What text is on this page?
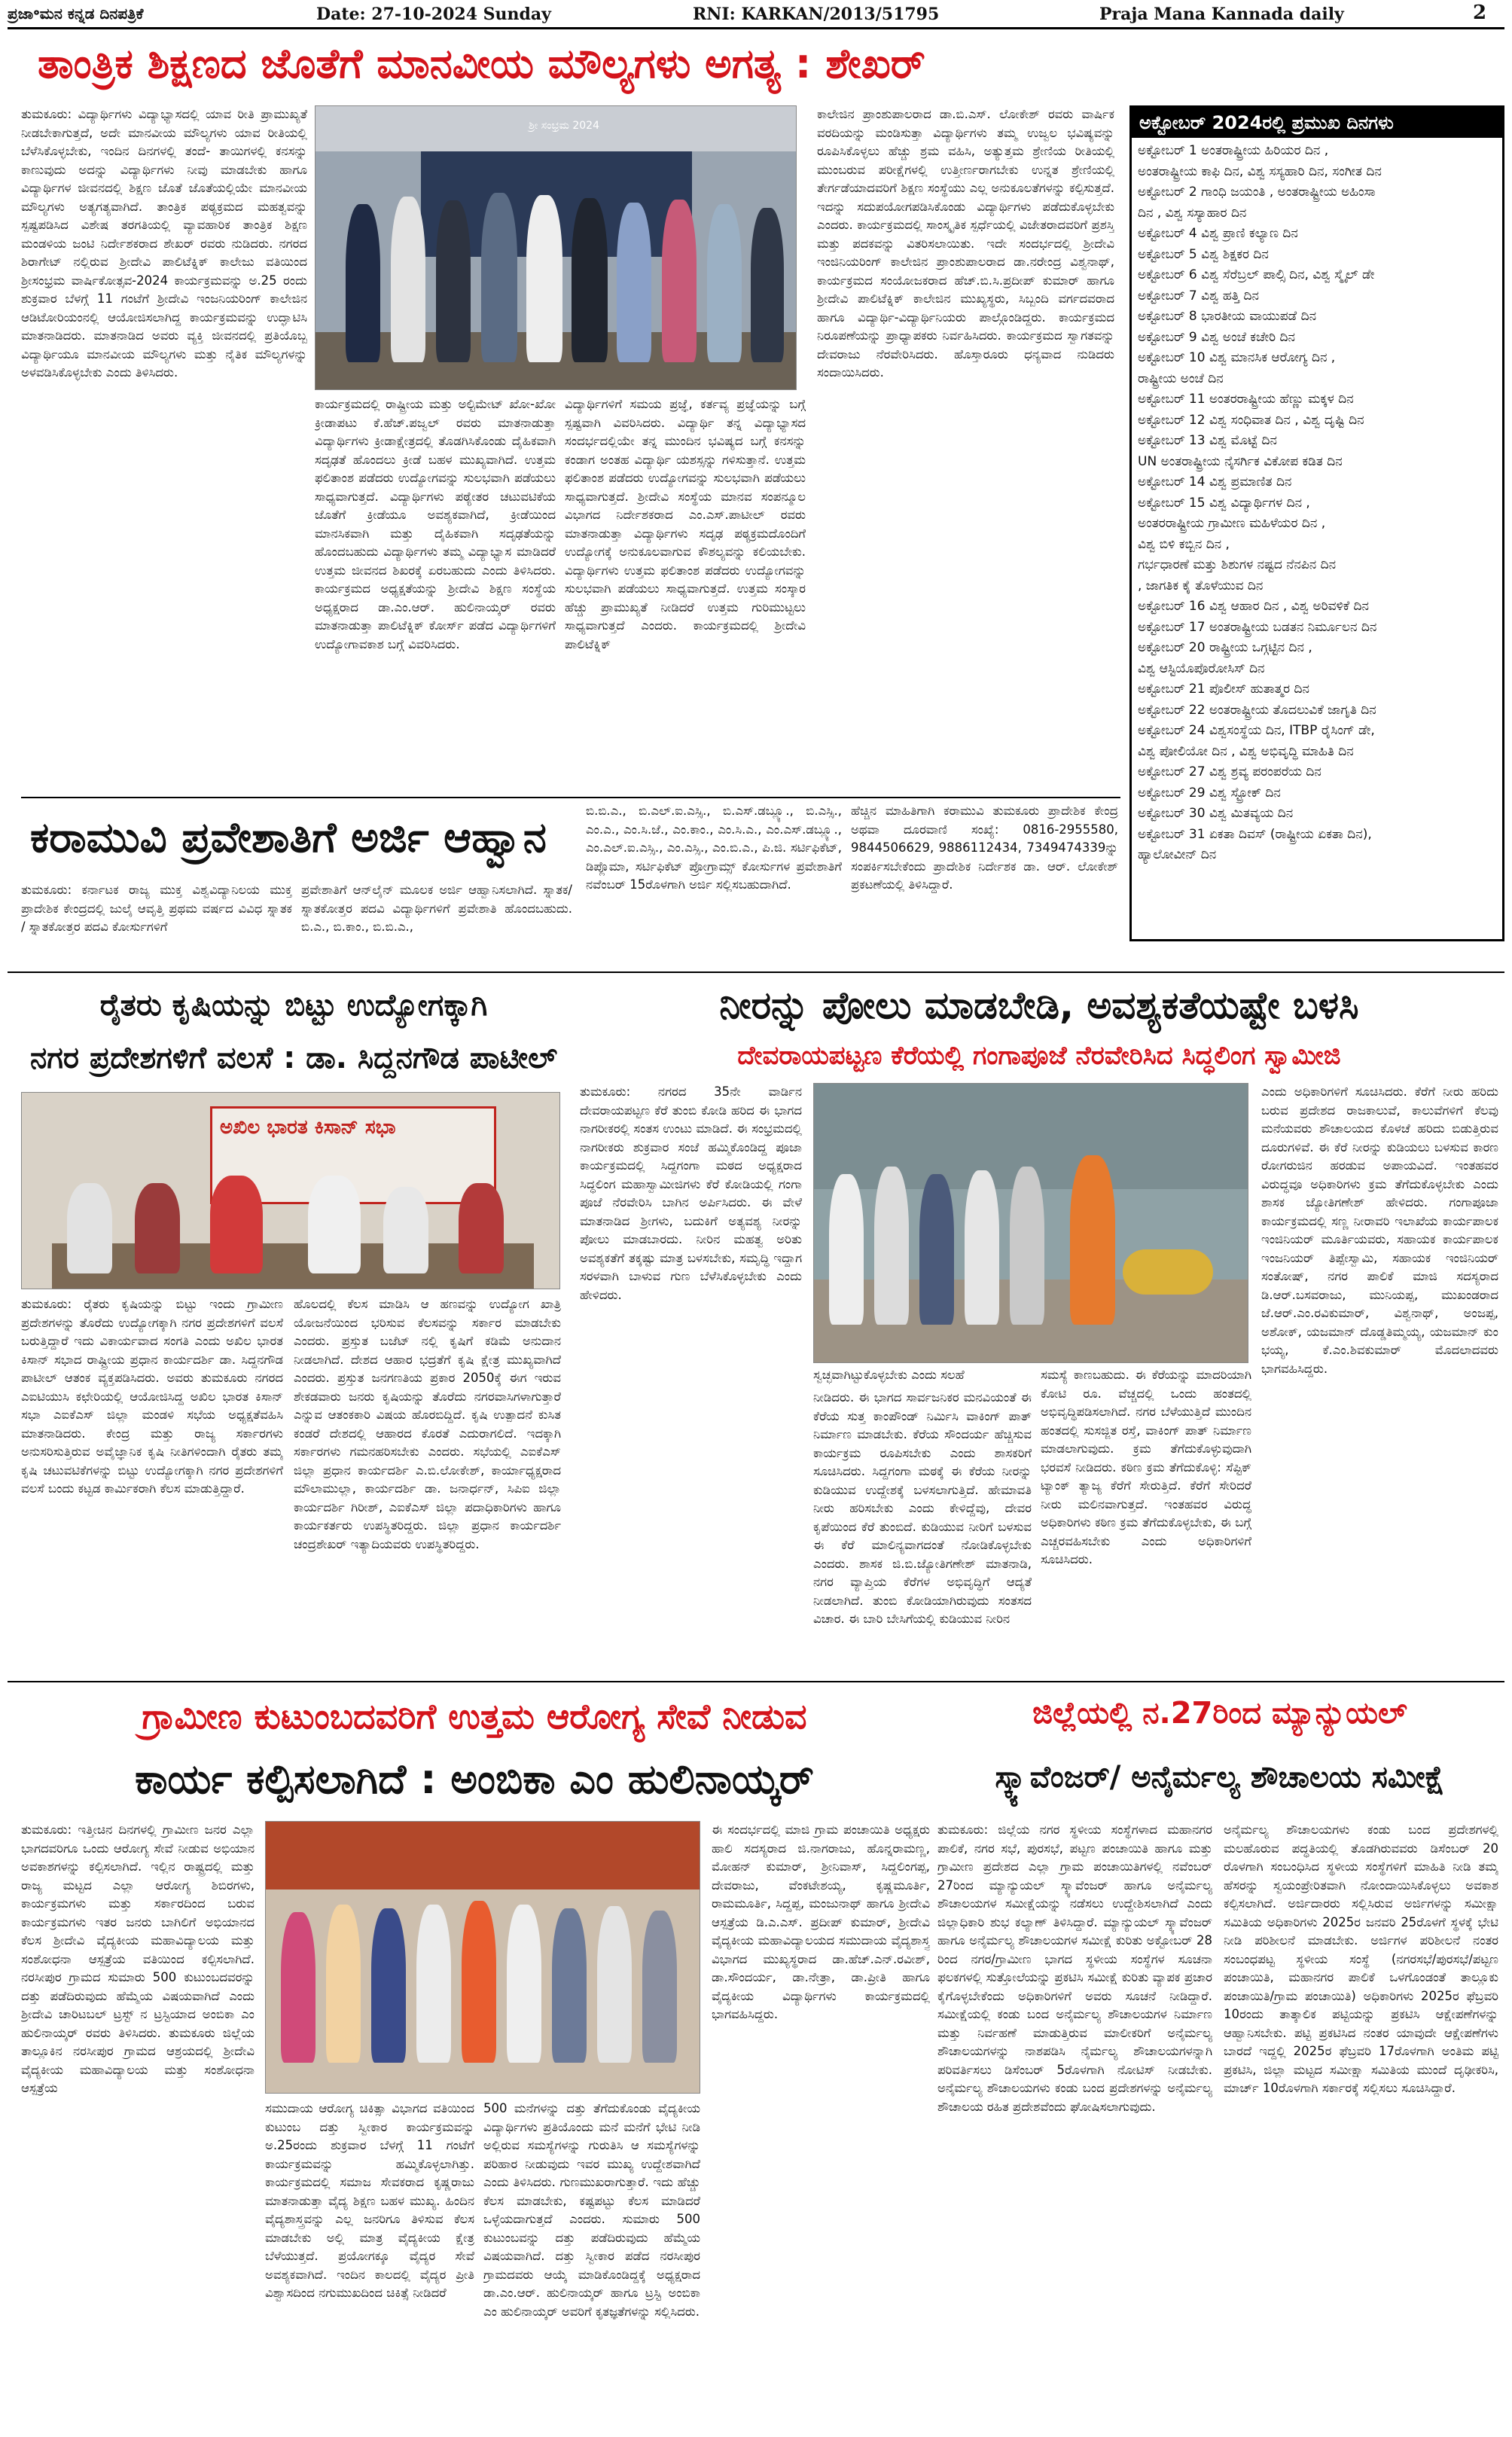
ಪ್ರಜಾ॰ಮನ ಕನ್ನಡ ದಿನಪತ್ರಿಕೆ	Date: 27-10-2024 Sunday	RNI: KARKAN/2013/51795	Praja Mana Kannada daily	2
ತಾಂತ್ರಿಕ ಶಿಕ್ಷಣದ ಜೊತೆಗೆ ಮಾನವೀಯ ಮೌಲ್ಯಗಳು ಅಗತ್ಯ : ಶೇಖರ್
ತುಮಕೂರು: ವಿದ್ಯಾರ್ಥಿಗಳು ವಿದ್ಯಾಭ್ಯಾಸದಲ್ಲಿ ಯಾವ ರೀತಿ ಪ್ರಾಮುಖ್ಯತೆ ನೀಡಬೇಕಾಗುತ್ತದೆ, ಅದೇ ಮಾನವೀಯ ಮೌಲ್ಯಗಳು ಯಾವ ರೀತಿಯಲ್ಲಿ ಬೆಳೆಸಿಕೊಳ್ಳಬೇಕು, ಇಂದಿನ ದಿನಗಳಲ್ಲಿ ತಂದೆ- ತಾಯಿಗಳಲ್ಲಿ ಕನಸನ್ನು ಕಾಣುವುದು ಅದನ್ನು ವಿದ್ಯಾರ್ಥಿಗಳು ನೀವು ಮಾಡಬೇಕು ಹಾಗೂ ವಿದ್ಯಾರ್ಥಿಗಳ ಜೀವನದಲ್ಲಿ ಶಿಕ್ಷಣ ಜೊತೆ ಜೊತೆಯಲ್ಲಿಯೇ ಮಾನವೀಯ ಮೌಲ್ಯಗಳು ಅತ್ಯಗತ್ಯವಾಗಿದೆ. ತಾಂತ್ರಿಕ ಪಠ್ಯಕ್ರಮದ ಮಹತ್ವವನ್ನು ಸ್ಪಷ್ಟಪಡಿಸಿದ ವಿಶೇಷ ತರಗತಿಯಲ್ಲಿ ವ್ಯಾವಹಾರಿಕ ತಾಂತ್ರಿಕ ಶಿಕ್ಷಣ ಮಂಡಳಿಯ ಜಂಟಿ ನಿರ್ದೇಶಕರಾದ ಶೇಖರ್ ರವರು ನುಡಿದರು. ನಗರದ ಶಿರಾಗೇಟ್ ನಲ್ಲಿರುವ ಶ್ರೀದೇವಿ ಪಾಲಿಟೆಕ್ನಿಕ್ ಕಾಲೇಜು ವತಿಯಿಂದ ಶ್ರೀಸಂಭ್ರಮ ವಾರ್ಷಿಕೋತ್ಸವ-2024 ಕಾರ್ಯಕ್ರಮವನ್ನು ಅ.25 ರಂದು ಶುಕ್ರವಾರ ಬೆಳಗ್ಗೆ 11 ಗಂಟೆಗೆ ಶ್ರೀದೇವಿ ಇಂಜನಿಯರಿಂಗ್ ಕಾಲೇಜಿನ ಆಡಿಟೋರಿಯಂನಲ್ಲಿ ಆಯೋಜಿಸಲಾಗಿದ್ದ ಕಾರ್ಯಕ್ರಮವನ್ನು ಉದ್ಘಾಟಿಸಿ ಮಾತನಾಡಿದರು. ಮಾತನಾಡಿದ ಅವರು ವ್ಯಕ್ತಿ ಜೀವನದಲ್ಲಿ ಪ್ರತಿಯೊಬ್ಬ ವಿದ್ಯಾರ್ಥಿಯೂ ಮಾನವೀಯ ಮೌಲ್ಯಗಳು ಮತ್ತು ನೈತಿಕ ಮೌಲ್ಯಗಳನ್ನು ಅಳವಡಿಸಿಕೊಳ್ಳಬೇಕು ಎಂದು ತಿಳಿಸಿದರು.
ಶ್ರೀ ಸಂಭ್ರಮ 2024
ಕಾರ್ಯಕ್ರಮದಲ್ಲಿ ರಾಷ್ಟ್ರೀಯ ಮತ್ತು ಅಲ್ಟಿಮೇಟ್ ಖೋ-ಖೋ ಕ್ರೀಡಾಪಟು ಕೆ.ಹೆಚ್.ಪಜ್ವಲ್ ರವರು ಮಾತನಾಡುತ್ತಾ ವಿದ್ಯಾರ್ಥಿಗಳು ಕ್ರೀಡಾಕ್ಷೇತ್ರದಲ್ಲಿ ತೊಡಗಿಸಿಕೊಂಡು ದೈಹಿಕವಾಗಿ ಸದೃಢತೆ ಹೊಂದಲು ಕ್ರೀಡೆ ಬಹಳ ಮುಖ್ಯವಾಗಿದೆ. ಉತ್ತಮ ಫಲಿತಾಂಶ ಪಡೆದರು ಉದ್ಯೋಗವನ್ನು ಸುಲಭವಾಗಿ ಪಡೆಯಲು ಸಾಧ್ಯವಾಗುತ್ತದೆ. ವಿದ್ಯಾರ್ಥಿಗಳು ಪಠ್ಯೇತರ ಚಟುವಟಿಕೆಯ ಜೊತೆಗೆ ಕ್ರೀಡೆಯೂ ಅವಶ್ಯಕವಾಗಿದೆ, ಕ್ರೀಡೆಯಿಂದ ಮಾನಸಿಕವಾಗಿ ಮತ್ತು ದೈಹಿಕವಾಗಿ ಸದೃಢತೆಯನ್ನು ಹೊಂದಬಹುದು ವಿದ್ಯಾರ್ಥಿಗಳು ತಮ್ಮ ವಿದ್ಯಾಭ್ಯಾಸ ಮಾಡಿದರೆ ಉತ್ತಮ ಜೀವನದ ಶಿಖರಕ್ಕೆ ಏರಬಹುದು ಎಂದು ತಿಳಿಸಿದರು. ಕಾರ್ಯಕ್ರಮದ ಅಧ್ಯಕ್ಷತೆಯನ್ನು ಶ್ರೀದೇವಿ ಶಿಕ್ಷಣ ಸಂಸ್ಥೆಯ ಅಧ್ಯಕ್ಷರಾದ ಡಾ.ಎಂ.ಆರ್. ಹುಲಿನಾಯ್ಕರ್ ರವರು ಮಾತನಾಡುತ್ತಾ ಪಾಲಿಟೆಕ್ನಿಕ್ ಕೋರ್ಸ್ ಪಡೆದ ವಿದ್ಯಾರ್ಥಿಗಳಿಗೆ ಉದ್ಯೋಗಾವಕಾಶ ಬಗ್ಗೆ ವಿವರಿಸಿದರು.
ವಿದ್ಯಾರ್ಥಿಗಳಿಗೆ ಸಮಯ ಪ್ರಜ್ಞೆ, ಕರ್ತವ್ಯ ಪ್ರಜ್ಞೆಯನ್ನು ಬಗ್ಗೆ ಸ್ಪಷ್ಟವಾಗಿ ವಿವರಿಸಿದರು. ವಿದ್ಯಾರ್ಥಿ ತನ್ನ ವಿದ್ಯಾಭ್ಯಾಸದ ಸಂದರ್ಭದಲ್ಲಿಯೇ ತನ್ನ ಮುಂದಿನ ಭವಿಷ್ಯದ ಬಗ್ಗೆ ಕನಸನ್ನು ಕಂಡಾಗ ಅಂತಹ ವಿದ್ಯಾರ್ಥಿ ಯಶಸ್ಸನ್ನು ಗಳಿಸುತ್ತಾನೆ. ಉತ್ತಮ ಫಲಿತಾಂಶ ಪಡೆದರು ಉದ್ಯೋಗವನ್ನು ಸುಲಭವಾಗಿ ಪಡೆಯಲು ಸಾಧ್ಯವಾಗುತ್ತದೆ. ಶ್ರೀದೇವಿ ಸಂಸ್ಥೆಯ ಮಾನವ ಸಂಪನ್ಮೂಲ ವಿಭಾಗದ ನಿರ್ದೇಶಕರಾದ ಎಂ.ಎಸ್.ಪಾಟೀಲ್ ರವರು ಮಾತನಾಡುತ್ತಾ ವಿದ್ಯಾರ್ಥಿಗಳು ಸದೃಢ ಪಠ್ಯಕ್ರಮದೊಂದಿಗೆ ಉದ್ಯೋಗಕ್ಕೆ ಅನುಕೂಲವಾಗುವ ಕೌಶಲ್ಯವನ್ನು ಕಲಿಯಬೇಕು. ವಿದ್ಯಾರ್ಥಿಗಳು ಉತ್ತಮ ಫಲಿತಾಂಶ ಪಡೆದರು ಉದ್ಯೋಗವನ್ನು ಸುಲಭವಾಗಿ ಪಡೆಯಲು ಸಾಧ್ಯವಾಗುತ್ತದೆ. ಉತ್ತಮ ಸಂಸ್ಕಾರ ಹೆಚ್ಚು ಪ್ರಾಮುಖ್ಯತೆ ನೀಡಿದರೆ ಉತ್ತಮ ಗುರಿಮುಟ್ಟಲು ಸಾಧ್ಯವಾಗುತ್ತದೆ ಎಂದರು. ಕಾರ್ಯಕ್ರಮದಲ್ಲಿ ಶ್ರೀದೇವಿ ಪಾಲಿಟೆಕ್ನಿಕ್
ಕಾಲೇಜಿನ ಪ್ರಾಂಶುಪಾಲರಾದ ಡಾ.ಬಿ.ಎಸ್. ಲೋಕೇಶ್ ರವರು ವಾರ್ಷಿಕ ವರದಿಯನ್ನು ಮಂಡಿಸುತ್ತಾ ವಿದ್ಯಾರ್ಥಿಗಳು ತಮ್ಮ ಉಜ್ವಲ ಭವಿಷ್ಯವನ್ನು ರೂಪಿಸಿಕೊಳ್ಳಲು ಹೆಚ್ಚು ಶ್ರಮ ವಹಿಸಿ, ಅತ್ಯುತ್ತಮ ಶ್ರೇಣಿಯ ರೀತಿಯಲ್ಲಿ ಮುಂಬರುವ ಪರೀಕ್ಷೆಗಳಲ್ಲಿ ಉತ್ತೀರ್ಣರಾಗಬೇಕು ಉನ್ನತ ಶ್ರೇಣಿಯಲ್ಲಿ ತೇರ್ಗಡೆಯಾದವರಿಗೆ ಶಿಕ್ಷಣ ಸಂಸ್ಥೆಯು ಎಲ್ಲ ಅನುಕೂಲತೆಗಳನ್ನು ಕಲ್ಪಿಸುತ್ತದೆ. ಇದನ್ನು ಸದುಪಯೋಗಪಡಿಸಿಕೊಂಡು ವಿದ್ಯಾರ್ಥಿಗಳು ಪಡೆದುಕೊಳ್ಳಬೇಕು ಎಂದರು. ಕಾರ್ಯಕ್ರಮದಲ್ಲಿ ಸಾಂಸ್ಕೃತಿಕ ಸ್ಪರ್ಧೆಯಲ್ಲಿ ವಿಜೇತರಾದವರಿಗೆ ಪ್ರಶಸ್ತಿ ಮತ್ತು ಪದಕವನ್ನು ವಿತರಿಸಲಾಯಿತು. ಇದೇ ಸಂದರ್ಭದಲ್ಲಿ ಶ್ರೀದೇವಿ ಇಂಜಿನಿಯರಿಂಗ್ ಕಾಲೇಜಿನ ಪ್ರಾಂಶುಪಾಲರಾದ ಡಾ.ನರೇಂದ್ರ ವಿಶ್ವನಾಥ್, ಕಾರ್ಯಕ್ರಮದ ಸಂಯೋಜಕರಾದ ಹೆಚ್.ಬಿ.ಸಿ.ಪ್ರದೀಪ್ ಕುಮಾರ್ ಹಾಗೂ ಶ್ರೀದೇವಿ ಪಾಲಿಟೆಕ್ನಿಕ್ ಕಾಲೇಜಿನ ಮುಖ್ಯಸ್ಥರು, ಸಿಬ್ಬಂದಿ ವರ್ಗದವರಾದ ಹಾಗೂ ವಿದ್ಯಾರ್ಥಿ-ವಿದ್ಯಾರ್ಥಿನಿಯರು ಪಾಲ್ಗೊಂಡಿದ್ದರು. ಕಾರ್ಯಕ್ರಮದ ನಿರೂಪಣೆಯನ್ನು ಪ್ರಾಧ್ಯಾಪಕರು ನಿರ್ವಹಿಸಿದರು. ಕಾರ್ಯಕ್ರಮದ ಸ್ವಾಗತವನ್ನು ದೇವರಾಜು ನೆರವೇರಿಸಿದರು. ಹೊಸ್ತಾರೂರು ಧನ್ಯವಾದ ನುಡಿದರು ಸಂದಾಯಿಸಿದರು.
ಅಕ್ಟೋಬರ್ 2024ರಲ್ಲಿ ಪ್ರಮುಖ ದಿನಗಳು
ಅಕ್ಟೋಬರ್ 1 ಅಂತರಾಷ್ಟ್ರೀಯ ಹಿರಿಯರ ದಿನ ,
ಅಂತರಾಷ್ಟ್ರೀಯ ಕಾಫಿ ದಿನ, ವಿಶ್ವ ಸಸ್ಯಹಾರಿ ದಿನ, ಸಂಗೀತ ದಿನ
ಅಕ್ಟೋಬರ್ 2 ಗಾಂಧಿ ಜಯಂತಿ , ಅಂತರಾಷ್ಟ್ರೀಯ ಅಹಿಂಸಾ
ದಿನ , ವಿಶ್ವ ಸಸ್ಯಾಹಾರ ದಿನ
ಅಕ್ಟೋಬರ್ 4 ವಿಶ್ವ ಪ್ರಾಣಿ ಕಲ್ಯಾಣ ದಿನ
ಅಕ್ಟೋಬರ್ 5 ವಿಶ್ವ ಶಿಕ್ಷಕರ ದಿನ
ಅಕ್ಟೋಬರ್ 6 ವಿಶ್ವ ಸೆರೆಬ್ರಲ್ ಪಾಲ್ಸಿ ದಿನ, ವಿಶ್ವ ಸ್ಮೈಲ್ ಡೇ
ಅಕ್ಟೋಬರ್ 7 ವಿಶ್ವ ಹತ್ತಿ ದಿನ
ಅಕ್ಟೋಬರ್ 8 ಭಾರತೀಯ ವಾಯುಪಡೆ ದಿನ
ಅಕ್ಟೋಬರ್ 9 ವಿಶ್ವ ಅಂಚೆ ಕಚೇರಿ ದಿನ
ಅಕ್ಟೋಬರ್ 10 ವಿಶ್ವ ಮಾನಸಿಕ ಆರೋಗ್ಯ ದಿನ ,
ರಾಷ್ಟ್ರೀಯ ಅಂಚೆ ದಿನ
ಅಕ್ಟೋಬರ್ 11 ಅಂತರರಾಷ್ಟ್ರೀಯ ಹೆಣ್ಣು ಮಕ್ಕಳ ದಿನ
ಅಕ್ಟೋಬರ್ 12 ವಿಶ್ವ ಸಂಧಿವಾತ ದಿನ , ವಿಶ್ವ ದೃಷ್ಟಿ ದಿನ
ಅಕ್ಟೋಬರ್ 13 ವಿಶ್ವ ಮೊಟ್ಟೆ ದಿನ
UN ಅಂತರಾಷ್ಟ್ರೀಯ ನೈಸರ್ಗಿಕ ವಿಕೋಪ ಕಡಿತ ದಿನ
ಅಕ್ಟೋಬರ್ 14 ವಿಶ್ವ ಪ್ರಮಾಣಿತ ದಿನ
ಅಕ್ಟೋಬರ್ 15 ವಿಶ್ವ ವಿದ್ಯಾರ್ಥಿಗಳ ದಿನ ,
ಅಂತರರಾಷ್ಟ್ರೀಯ ಗ್ರಾಮೀಣ ಮಹಿಳೆಯರ ದಿನ ,
ವಿಶ್ವ ಬಿಳಿ ಕಬ್ಬಿನ ದಿನ ,
ಗರ್ಭಧಾರಣೆ ಮತ್ತು ಶಿಶುಗಳ ನಷ್ಟದ ನೆನಪಿನ ದಿನ
, ಜಾಗತಿಕ ಕೈ ತೊಳೆಯುವ ದಿನ
ಅಕ್ಟೋಬರ್ 16 ವಿಶ್ವ ಆಹಾರ ದಿನ , ವಿಶ್ವ ಅರಿವಳಿಕೆ ದಿನ
ಅಕ್ಟೋಬರ್ 17 ಅಂತರಾಷ್ಟ್ರೀಯ ಬಡತನ ನಿರ್ಮೂಲನ ದಿನ
ಅಕ್ಟೋಬರ್ 20 ರಾಷ್ಟ್ರೀಯ ಒಗ್ಗಟ್ಟಿನ ದಿನ ,
ವಿಶ್ವ ಆಸ್ಟಿಯೊಪೊರೋಸಿಸ್ ದಿನ
ಅಕ್ಟೋಬರ್ 21 ಪೊಲೀಸ್ ಹುತಾತ್ಮರ ದಿನ
ಅಕ್ಟೋಬರ್ 22 ಅಂತರಾಷ್ಟ್ರೀಯ ತೊದಲುವಿಕೆ ಜಾಗೃತಿ ದಿನ
ಅಕ್ಟೋಬರ್ 24 ವಿಶ್ವಸಂಸ್ಥೆಯ ದಿನ, ITBP ರೈಸಿಂಗ್ ಡೇ,
ವಿಶ್ವ ಪೋಲಿಯೋ ದಿನ , ವಿಶ್ವ ಅಭಿವೃದ್ಧಿ ಮಾಹಿತಿ ದಿನ
ಅಕ್ಟೋಬರ್ 27 ವಿಶ್ವ ಶ್ರವ್ಯ ಪರಂಪರೆಯ ದಿನ
ಅಕ್ಟೋಬರ್ 29 ವಿಶ್ವ ಸ್ಟ್ರೋಕ್ ದಿನ
ಅಕ್ಟೋಬರ್ 30 ವಿಶ್ವ ಮಿತವ್ಯಯ ದಿನ
ಅಕ್ಟೋಬರ್ 31 ಏಕತಾ ದಿವಸ್ (ರಾಷ್ಟ್ರೀಯ ಏಕತಾ ದಿನ),
ಹ್ಯಾಲೋವೀನ್ ದಿನ
ಕರಾಮುವಿ ಪ್ರವೇಶಾತಿಗೆ ಅರ್ಜಿ ಆಹ್ವಾನ
ತುಮಕೂರು: ಕರ್ನಾಟಕ ರಾಜ್ಯ ಮುಕ್ತ ವಿಶ್ವವಿದ್ಯಾನಿಲಯ ಮುಕ್ತ ಪ್ರಾದೇಶಿಕ ಕೇಂದ್ರದಲ್ಲಿ ಜುಲೈ ಆವೃತ್ತಿ ಪ್ರಥಮ ವರ್ಷದ ವಿವಿಧ ಸ್ನಾತಕ / ಸ್ನಾತಕೋತ್ತರ ಪದವಿ ಕೋರ್ಸುಗಳಿಗೆ
ಪ್ರವೇಶಾತಿಗೆ ಆನ್‌ಲೈನ್ ಮೂಲಕ ಅರ್ಜಿ ಆಹ್ವಾನಿಸಲಾಗಿದೆ. ಸ್ನಾತಕ/ಸ್ನಾತಕೋತ್ತರ ಪದವಿ ವಿದ್ಯಾರ್ಥಿಗಳಿಗೆ ಪ್ರವೇಶಾತಿ ಹೊಂದಬಹುದು. ಬಿ.ಎ., ಬಿ.ಕಾಂ., ಬಿ.ಬಿ.ಎ.,
ಬಿ.ಬಿ.ಎ., ಬಿ.ಎಲ್.ಐ.ಎಸ್ಸಿ., ಬಿ.ಎಸ್.ಡಬ್ಲ್ಯೂ., ಬಿ.ಎಸ್ಸಿ., ಎಂ.ಎ., ಎಂ.ಸಿ.ಜೆ., ಎಂ.ಕಾಂ., ಎಂ.ಸಿ.ಎ., ಎಂ.ಎಸ್.ಡಬ್ಲ್ಯೂ., ಎಂ.ಎಲ್.ಐ.ಎಸ್ಸಿ., ಎಂ.ಎಸ್ಸಿ., ಎಂ.ಬಿ.ಎ., ಪಿ.ಜಿ. ಸರ್ಟಿಫಿಕೆಟ್, ಡಿಪ್ಲೊಮಾ, ಸರ್ಟಿಫಿಕೆಟ್ ಪ್ರೋಗ್ರಾಮ್ಸ್ ಕೋರ್ಸುಗಳ ಪ್ರವೇಶಾತಿಗೆ ನವೆಂಬರ್ 15ರೊಳಗಾಗಿ ಅರ್ಜಿ ಸಲ್ಲಿಸಬಹುದಾಗಿದೆ.
ಹೆಚ್ಚಿನ ಮಾಹಿತಿಗಾಗಿ ಕರಾಮುವಿ ತುಮಕೂರು ಪ್ರಾದೇಶಿಕ ಕೇಂದ್ರ ಅಥವಾ ದೂರವಾಣಿ ಸಂಖ್ಯೆ: 0816-2955580, 9844506629, 9886112434, 7349474339ನ್ನು ಸಂಪರ್ಕಿಸಬೇಕೆಂದು ಪ್ರಾದೇಶಿಕ ನಿರ್ದೇಶಕ ಡಾ. ಆರ್. ಲೋಕೇಶ್ ಪ್ರಕಟಣೆಯಲ್ಲಿ ತಿಳಿಸಿದ್ದಾರೆ.
ರೈತರು ಕೃಷಿಯನ್ನು ಬಿಟ್ಟು ಉದ್ಯೋಗಕ್ಕಾಗಿ
ನಗರ ಪ್ರದೇಶಗಳಿಗೆ ವಲಸೆ : ಡಾ. ಸಿದ್ದನಗೌಡ ಪಾಟೀಲ್
ಅಖಿಲ ಭಾರತ ಕಿಸಾನ್ ಸಭಾ
ತುಮಕೂರು: ರೈತರು ಕೃಷಿಯನ್ನು ಬಿಟ್ಟು ಇಂದು ಗ್ರಾಮೀಣ ಪ್ರದೇಶಗಳನ್ನು ತೊರೆದು ಉದ್ಯೋಗಕ್ಕಾಗಿ ನಗರ ಪ್ರದೇಶಗಳಿಗೆ ವಲಸೆ ಬರುತ್ತಿದ್ದಾರೆ ಇದು ವಿಕಾರ್ಯವಾದ ಸಂಗತಿ ಎಂದು ಅಖಿಲ ಭಾರತ ಕಿಸಾನ್ ಸಭಾದ ರಾಷ್ಟ್ರೀಯ ಪ್ರಧಾನ ಕಾರ್ಯದರ್ಶಿ ಡಾ. ಸಿದ್ದನಗೌಡ ಪಾಟೀಲ್ ಆತಂಕ ವ್ಯಕ್ತಪಡಿಸಿದರು. ಅವರು ತುಮಕೂರು ನಗರದ ಎಐಟಿಯುಸಿ ಕಛೇರಿಯಲ್ಲಿ ಆಯೋಜಿಸಿದ್ದ ಅಖಿಲ ಭಾರತ ಕಿಸಾನ್ ಸಭಾ ಎಐಕೆಎಸ್ ಜಿಲ್ಲಾ ಮಂಡಳಿ ಸಭೆಯ ಅಧ್ಯಕ್ಷತೆವಹಿಸಿ ಮಾತನಾಡಿದರು. ಕೇಂದ್ರ ಮತ್ತು ರಾಜ್ಯ ಸರ್ಕಾರಗಳು ಅನುಸರಿಸುತ್ತಿರುವ ಅವೈಜ್ಞಾನಿಕ ಕೃಷಿ ನೀತಿಗಳಿಂದಾಗಿ ರೈತರು ತಮ್ಮ ಕೃಷಿ ಚಟುವಟಿಕೆಗಳನ್ನು ಬಿಟ್ಟು ಉದ್ಯೋಗಕ್ಕಾಗಿ ನಗರ ಪ್ರದೇಶಗಳಿಗೆ ವಲಸೆ ಬಂದು ಕಟ್ಟಡ ಕಾರ್ಮಿಕರಾಗಿ ಕೆಲಸ ಮಾಡುತ್ತಿದ್ದಾರೆ.
ಹೊಲದಲ್ಲಿ ಕೆಲಸ ಮಾಡಿಸಿ ಆ ಹಣವನ್ನು ಉದ್ಯೋಗ ಖಾತ್ರಿ ಯೋಜನೆಯಿಂದ ಭರಿಸುವ ಕೆಲಸವನ್ನು ಸರ್ಕಾರ ಮಾಡಬೇಕು ಎಂದರು. ಪ್ರಸ್ತುತ ಬಜೆಟ್ ನಲ್ಲಿ ಕೃಷಿಗೆ ಕಡಿಮೆ ಅನುದಾನ ನೀಡಲಾಗಿದೆ. ದೇಶದ ಆಹಾರ ಭದ್ರತೆಗೆ ಕೃಷಿ ಕ್ಷೇತ್ರ ಮುಖ್ಯವಾಗಿದೆ ಎಂದರು. ಪ್ರಸ್ತುತ ಜನಗಣತಿಯ ಪ್ರಕಾರ 2050ಕ್ಕೆ ಈಗ ಇರುವ ಶೇಕಡವಾರು ಜನರು ಕೃಷಿಯನ್ನು ತೊರೆದು ನಗರವಾಸಿಗಳಾಗುತ್ತಾರೆ ಎನ್ನುವ ಆತಂಕಕಾರಿ ವಿಷಯ ಹೊರಬಿದ್ದಿದೆ. ಕೃಷಿ ಉತ್ಪಾದನೆ ಕುಸಿತ ಕಂಡರೆ ದೇಶದಲ್ಲಿ ಆಹಾರದ ಕೊರತೆ ಎದುರಾಗಲಿದೆ. ಇದಕ್ಕಾಗಿ ಸರ್ಕಾರಗಳು ಗಮನಹರಿಸಬೇಕು ಎಂದರು. ಸಭೆಯಲ್ಲಿ ಎಐಕೆಎಸ್ ಜಿಲ್ಲಾ ಪ್ರಧಾನ ಕಾರ್ಯದರ್ಶಿ ಎ.ಬಿ.ಲೋಕೇಶ್, ಕಾರ್ಯಾಧ್ಯಕ್ಷರಾದ ಮೌಲಾಮುಲ್ಲಾ, ಕಾರ್ಯದರ್ಶಿ ಡಾ. ಜನಾರ್ಧನ್, ಸಿಪಿಐ ಜಿಲ್ಲಾ ಕಾರ್ಯದರ್ಶಿ ಗಿರೀಶ್, ಎಐಕೆಎಸ್ ಜಿಲ್ಲಾ ಪದಾಧಿಕಾರಿಗಳು ಹಾಗೂ ಕಾರ್ಯಕರ್ತರು ಉಪಸ್ಥಿತರಿದ್ದರು. ಜಿಲ್ಲಾ ಪ್ರಧಾನ ಕಾರ್ಯದರ್ಶಿ ಚಂದ್ರಶೇಖರ್ ಇತ್ಯಾದಿಯವರು ಉಪಸ್ಥಿತರಿದ್ದರು.
ನೀರನ್ನು ಪೋಲು ಮಾಡಬೇಡಿ, ಅವಶ್ಯಕತೆಯಷ್ಟೇ ಬಳಸಿ
ದೇವರಾಯಪಟ್ಟಣ ಕೆರೆಯಲ್ಲಿ ಗಂಗಾಪೂಜೆ ನೆರವೇರಿಸಿದ ಸಿದ್ಧಲಿಂಗ ಸ್ವಾಮೀಜಿ
ತುಮಕೂರು: ನಗರದ 35ನೇ ವಾರ್ಡಿನ ದೇವರಾಯಪಟ್ಟಣ ಕೆರೆ ತುಂಬಿ ಕೋಡಿ ಹರಿದ ಈ ಭಾಗದ ನಾಗರೀಕರಲ್ಲಿ ಸಂತಸ ಉಂಟು ಮಾಡಿದೆ. ಈ ಸಂಭ್ರಮದಲ್ಲಿ ನಾಗರೀಕರು ಶುಕ್ರವಾರ ಸಂಜೆ ಹಮ್ಮಿಕೊಂಡಿದ್ದ ಪೂಜಾ ಕಾರ್ಯಕ್ರಮದಲ್ಲಿ ಸಿದ್ದಗಂಗಾ ಮಠದ ಅಧ್ಯಕ್ಷರಾದ ಸಿದ್ಧಲಿಂಗ ಮಹಾಸ್ವಾಮೀಜಿಗಳು ಕೆರೆ ಕೋಡಿಯಲ್ಲಿ ಗಂಗಾ ಪೂಜೆ ನೆರವೇರಿಸಿ ಬಾಗಿನ ಅರ್ಪಿಸಿದರು. ಈ ವೇಳೆ ಮಾತನಾಡಿದ ಶ್ರೀಗಳು, ಬದುಕಿಗೆ ಅತ್ಯವಶ್ಯ ನೀರನ್ನು ಪೋಲು ಮಾಡಬಾರದು. ನೀರಿನ ಮಹತ್ವ ಅರಿತು ಅವಶ್ಯಕತೆಗೆ ತಕ್ಕಷ್ಟು ಮಾತ್ರ ಬಳಸಬೇಕು, ಸಮೃದ್ಧಿ ಇದ್ದಾಗ ಸರಳವಾಗಿ ಬಾಳುವ ಗುಣ ಬೆಳೆಸಿಕೊಳ್ಳಬೇಕು ಎಂದು ಹೇಳಿದರು.
ಸ್ವಚ್ಛವಾಗಿಟ್ಟುಕೊಳ್ಳಬೇಕು ಎಂದು ಸಲಹೆ
ನೀಡಿದರು. ಈ ಭಾಗದ ಸಾರ್ವಜನಿಕರ ಮನವಿಯಂತೆ ಈ ಕೆರೆಯ ಸುತ್ತ ಕಾಂಪೌಂಡ್ ನಿರ್ಮಿಸಿ ವಾಕಿಂಗ್ ಪಾತ್ ನಿರ್ಮಾಣ ಮಾಡಬೇಕು. ಕೆರೆಯ ಸೌಂದರ್ಯ ಹೆಚ್ಚಿಸುವ ಕಾರ್ಯಕ್ರಮ ರೂಪಿಸಬೇಕು ಎಂದು ಶಾಸಕರಿಗೆ ಸೂಚಿಸಿದರು. ಸಿದ್ದಗಂಗಾ ಮಠಕ್ಕೆ ಈ ಕೆರೆಯ ನೀರನ್ನು ಕುಡಿಯುವ ಉದ್ದೇಶಕ್ಕೆ ಬಳಸಲಾಗುತ್ತಿದೆ. ಹೇಮಾವತಿ ನೀರು ಹರಿಸಬೇಕು ಎಂದು ಕೇಳಿದ್ದೆವು, ದೇವರ ಕೃಪೆಯಿಂದ ಕೆರೆ ತುಂಬಿದೆ. ಕುಡಿಯುವ ನೀರಿಗೆ ಬಳಸುವ ಈ ಕೆರೆ ಮಾಲಿನ್ಯವಾಗದಂತೆ ನೋಡಿಕೊಳ್ಳಬೇಕು ಎಂದರು. ಶಾಸಕ ಜಿ.ಬಿ.ಜ್ಯೋತಿಗಣೇಶ್ ಮಾತನಾಡಿ, ನಗರ ವ್ಯಾಪ್ತಿಯ ಕೆರೆಗಳ ಅಭಿವೃದ್ಧಿಗೆ ಆದ್ಯತೆ ನೀಡಲಾಗಿದೆ. ತುಂಬಿ ಕೋಡಿಯಾಗಿರುವುದು ಸಂತಸದ ವಿಚಾರ. ಈ ಬಾರಿ ಬೇಸಿಗೆಯಲ್ಲಿ ಕುಡಿಯುವ ನೀರಿನ
ಸಮಸ್ಯೆ ಕಾಣಬಹುದು. ಈ ಕೆರೆಯನ್ನು ಮಾದರಿಯಾಗಿ ಕೋಟಿ ರೂ. ವೆಚ್ಚದಲ್ಲಿ ಒಂದು ಹಂತದಲ್ಲಿ ಅಭಿವೃದ್ಧಿಪಡಿಸಲಾಗಿದೆ. ನಗರ ಬೆಳೆಯುತ್ತಿದೆ ಮುಂದಿನ ಹಂತದಲ್ಲಿ ಸುಸಜ್ಜಿತ ರಸ್ತೆ, ವಾಕಿಂಗ್ ಪಾತ್ ನಿರ್ಮಾಣ ಮಾಡಲಾಗುವುದು. ಕ್ರಮ ತೆಗೆದುಕೊಳ್ಳುವುದಾಗಿ ಭರವಸೆ ನೀಡಿದರು. ಕಠಿಣ ಕ್ರಮ ತೆಗೆದುಕೊಳ್ಳಿ: ಸೆಪ್ಟಿಕ್ ಟ್ಯಾಂಕ್ ತ್ಯಾಜ್ಯ ಕೆರೆಗೆ ಸೇರುತ್ತಿದೆ. ಕೆರೆಗೆ ಸೇರಿದರೆ ನೀರು ಮಲಿನವಾಗುತ್ತದೆ. ಇಂತಹವರ ವಿರುದ್ಧ ಅಧಿಕಾರಿಗಳು ಕಠಿಣ ಕ್ರಮ ತೆಗೆದುಕೊಳ್ಳಬೇಕು, ಈ ಬಗ್ಗೆ ಎಚ್ಚರವಹಿಸಬೇಕು ಎಂದು ಅಧಿಕಾರಿಗಳಿಗೆ ಸೂಚಿಸಿದರು.
ಎಂದು ಅಧಿಕಾರಿಗಳಿಗೆ ಸೂಚಿಸಿದರು. ಕೆರೆಗೆ ನೀರು ಹರಿದು ಬರುವ ಪ್ರದೇಶದ ರಾಜಕಾಲುವೆ, ಕಾಲುವೆಗಳಿಗೆ ಕೆಲವು ಮನೆಯವರು ಶೌಚಾಲಯದ ಕೊಳಚೆ ಹರಿದು ಬಿಡುತ್ತಿರುವ ದೂರುಗಳಿವೆ. ಈ ಕೆರೆ ನೀರನ್ನು ಕುಡಿಯಲು ಬಳಸುವ ಕಾರಣ ರೋಗರುಜಿನ ಹರಡುವ ಅಪಾಯವಿದೆ. ಇಂತಹವರ ವಿರುದ್ಧವೂ ಅಧಿಕಾರಿಗಳು ಕ್ರಮ ತೆಗೆದುಕೊಳ್ಳಬೇಕು ಎಂದು ಶಾಸಕ ಜ್ಯೋತಿಗಣೇಶ್ ಹೇಳಿದರು. ಗಂಗಾಪೂಜಾ ಕಾರ್ಯಕ್ರಮದಲ್ಲಿ ಸಣ್ಣ ನೀರಾವರಿ ಇಲಾಖೆಯ ಕಾರ್ಯಪಾಲಕ ಇಂಜಿನಿಯರ್ ಮೂರ್ತಿಯವರು, ಸಹಾಯಕ ಕಾರ್ಯಪಾಲಕ ಇಂಜನಿಯರ್ ತಿಪ್ಪೇಸ್ವಾಮಿ, ಸಹಾಯಕ ಇಂಜಿನಿಯರ್ ಸಂತೋಷ್, ನಗರ ಪಾಲಿಕೆ ಮಾಜಿ ಸದಸ್ಯರಾದ ಡಿ.ಆರ್.ಬಸವರಾಜು, ಮುನಿಯಪ್ಪ, ಮುಖಂಡರಾದ ಜೆ.ಆರ್.ಎಂ.ರವಿಕುಮಾರ್, ವಿಶ್ವನಾಥ್, ಅಂಜಪ್ಪ, ಅಶೋಕ್, ಯಜಮಾನ್ ದೊಡ್ಡತಿಮ್ಮಯ್ಯ, ಯಜಮಾನ್ ಕುಂ ಭಯ್ಯ, ಕೆ.ಎಂ.ಶಿವಕುಮಾರ್ ಮೊದಲಾದವರು ಭಾಗವಹಿಸಿದ್ದರು.
ಗ್ರಾಮೀಣ ಕುಟುಂಬದವರಿಗೆ ಉತ್ತಮ ಆರೋಗ್ಯ ಸೇವೆ ನೀಡುವ
ಕಾರ್ಯ ಕಲ್ಪಿಸಲಾಗಿದೆ : ಅಂಬಿಕಾ ಎಂ ಹುಲಿನಾಯ್ಕರ್
ತುಮಕೂರು: ಇತ್ತೀಚಿನ ದಿನಗಳಲ್ಲಿ ಗ್ರಾಮೀಣ ಜನರ ಎಲ್ಲಾ ಭಾಗದವರಿಗೂ ಒಂದು ಆರೋಗ್ಯ ಸೇವೆ ನೀಡುವ ಅಭಿಯಾನ ಅವಕಾಶಗಳನ್ನು ಕಲ್ಪಿಸಲಾಗಿದೆ. ಇಲ್ಲಿನ ರಾಷ್ಟ್ರದಲ್ಲಿ ಮತ್ತು ರಾಜ್ಯ ಮಟ್ಟದ ಎಲ್ಲಾ ಆರೋಗ್ಯ ಶಿಬಿರಗಳು, ಕಾರ್ಯಕ್ರಮಗಳು ಮತ್ತು ಸರ್ಕಾರದಿಂದ ಬರುವ ಕಾರ್ಯಕ್ರಮಗಳು ಇತರ ಜನರು ಬಾಗಿಲಿಗೆ ಅಭಿಯಾನದ ಕೆಲಸ ಶ್ರೀದೇವಿ ವೈದ್ಯಕೀಯ ಮಹಾವಿದ್ಯಾಲಯ ಮತ್ತು ಸಂಶೋಧನಾ ಆಸ್ಪತ್ರೆಯ ವತಿಯಿಂದ ಕಲ್ಪಿಸಲಾಗಿದೆ. ನರಸೀಪುರ ಗ್ರಾಮದ ಸುಮಾರು 500 ಕುಟುಂಬದವರನ್ನು ದತ್ತು ಪಡೆದಿರುವುದು ಹೆಮ್ಮೆಯ ವಿಷಯವಾಗಿದೆ ಎಂದು ಶ್ರೀದೇವಿ ಚಾರಿಟಬಲ್ ಟ್ರಸ್ಟ್ ನ ಟ್ರಸ್ಟಿಯಾದ ಅಂಬಿಕಾ ಎಂ ಹುಲಿನಾಯ್ಕರ್ ರವರು ತಿಳಿಸಿದರು. ತುಮಕೂರು ಜಿಲ್ಲೆಯ ತಾಲ್ಲೂಕಿನ ನರಸೀಪುರ ಗ್ರಾಮದ ಆಶ್ರಯದಲ್ಲಿ ಶ್ರೀದೇವಿ ವೈದ್ಯಕೀಯ ಮಹಾವಿದ್ಯಾಲಯ ಮತ್ತು ಸಂಶೋಧನಾ ಆಸ್ಪತ್ರೆಯ
ಸಮುದಾಯ ಆರೋಗ್ಯ ಚಿಕಿತ್ಸಾ ವಿಭಾಗದ ವತಿಯಿಂದ ಕುಟುಂಬ ದತ್ತು ಸ್ವೀಕಾರ ಕಾರ್ಯಕ್ರಮವನ್ನು ಅ.25ರಂದು ಶುಕ್ರವಾರ ಬೆಳಗ್ಗೆ 11 ಗಂಟೆಗೆ ಕಾರ್ಯಕ್ರಮವನ್ನು ಹಮ್ಮಿಕೊಳ್ಳಲಾಗಿತ್ತು. ಕಾರ್ಯಕ್ರಮದಲ್ಲಿ ಸಮಾಜ ಸೇವಕರಾದ ಕೃಷ್ಣರಾಜು ಮಾತನಾಡುತ್ತಾ ವೈದ್ಯ ಶಿಕ್ಷಣ ಬಹಳ ಮುಖ್ಯ. ಹಿಂದಿನ ವೈದ್ಯಶಾಸ್ತ್ರವನ್ನು ಎಲ್ಲ ಜನರಿಗೂ ತಿಳಿಸುವ ಕೆಲಸ ಮಾಡಬೇಕು ಅಲ್ಲಿ ಮಾತ್ರ ವೈದ್ಯಕೀಯ ಕ್ಷೇತ್ರ ಬೆಳೆಯುತ್ತದೆ. ಪ್ರಯೋಗಕ್ಕೂ ವೈದ್ಯರ ಸೇವೆ ಅವಶ್ಯಕವಾಗಿದೆ. ಇಂದಿನ ಕಾಲದಲ್ಲಿ ವೈದ್ಯರ ಪ್ರೀತಿ ವಿಶ್ವಾಸದಿಂದ ನಗುಮುಖದಿಂದ ಚಿಕಿತ್ಸೆ ನೀಡಿದರೆ
500 ಮನೆಗಳನ್ನು ದತ್ತು ತೆಗೆದುಕೊಂಡು ವೈದ್ಯಕೀಯ ವಿದ್ಯಾರ್ಥಿಗಳು ಪ್ರತಿಯೊಂದು ಮನೆ ಮನೆಗೆ ಭೇಟಿ ನೀಡಿ ಅಲ್ಲಿರುವ ಸಮಸ್ಯೆಗಳನ್ನು ಗುರುತಿಸಿ ಆ ಸಮಸ್ಯೆಗಳನ್ನು ಪರಿಹಾರ ನೀಡುವುದು ಇವರ ಮುಖ್ಯ ಉದ್ದೇಶವಾಗಿದೆ ಎಂದು ತಿಳಿಸಿದರು. ಗುಣಮುಖರಾಗುತ್ತಾರೆ. ಇದು ಹೆಚ್ಚು ಕೆಲಸ ಮಾಡಬೇಕು, ಕಷ್ಟಪಟ್ಟು ಕೆಲಸ ಮಾಡಿದರೆ ಒಳ್ಳೆಯದಾಗುತ್ತದೆ ಎಂದರು. ಸುಮಾರು 500 ಕುಟುಂಬವನ್ನು ದತ್ತು ಪಡೆದಿರುವುದು ಹೆಮ್ಮೆಯ ವಿಷಯವಾಗಿದೆ. ದತ್ತು ಸ್ವೀಕಾರ ಪಡೆದ ನರಸೀಪುರ ಗ್ರಾಮದವರು ಆಯ್ಕೆ ಮಾಡಿಕೊಂಡಿದ್ದಕ್ಕೆ ಅಧ್ಯಕ್ಷರಾದ ಡಾ.ಎಂ.ಆರ್. ಹುಲಿನಾಯ್ಕರ್ ಹಾಗೂ ಟ್ರಸ್ಟಿ ಅಂಬಿಕಾ ಎಂ ಹುಲಿನಾಯ್ಕರ್ ಅವರಿಗೆ ಕೃತಜ್ಞತೆಗಳನ್ನು ಸಲ್ಲಿಸಿದರು.
ಈ ಸಂದರ್ಭದಲ್ಲಿ ಮಾಜಿ ಗ್ರಾಮ ಪಂಚಾಯಿತಿ ಅಧ್ಯಕ್ಷರು ಹಾಲಿ ಸದಸ್ಯರಾದ ಜಿ.ನಾಗರಾಜು, ಹೊನ್ನರಾಮಣ್ಣ, ಮೋಹನ್ ಕುಮಾರ್, ಶ್ರೀನಿವಾಸ್, ಸಿದ್ದಲಿಂಗಪ್ಪ, ದೇವರಾಜು, ವೆಂಕಟೇಶಯ್ಯ, ಕೃಷ್ಣಮೂರ್ತಿ, ರಾಮಮೂರ್ತಿ, ಸಿದ್ದಪ್ಪ, ಮಂಜುನಾಥ್ ಹಾಗೂ ಶ್ರೀದೇವಿ ಆಸ್ಪತ್ರೆಯ ಡಿ.ಎ.ಎಸ್. ಪ್ರದೀಪ್ ಕುಮಾರ್, ಶ್ರೀದೇವಿ ವೈದ್ಯಕೀಯ ಮಹಾವಿದ್ಯಾಲಯದ ಸಮುದಾಯ ವೈದ್ಯಶಾಸ್ತ್ರ ವಿಭಾಗದ ಮುಖ್ಯಸ್ಥರಾದ ಡಾ.ಹೆಚ್.ಎನ್.ರವೀಶ್, ಡಾ.ಸೌಂದರ್ಯ, ಡಾ.ನೇತ್ರಾ, ಡಾ.ಪ್ರೀತಿ ಹಾಗೂ ವೈದ್ಯಕೀಯ ವಿದ್ಯಾರ್ಥಿಗಳು ಕಾರ್ಯಕ್ರಮದಲ್ಲಿ ಭಾಗವಹಿಸಿದ್ದರು.
ಜಿಲ್ಲೆಯಲ್ಲಿ ನ.27ರಿಂದ ಮ್ಯಾನ್ಯುಯಲ್
ಸ್ಕ್ಯಾವೆಂಜರ್/ ಅನೈರ್ಮಲ್ಯ ಶೌಚಾಲಯ ಸಮೀಕ್ಷೆ
ತುಮಕೂರು: ಜಿಲ್ಲೆಯ ನಗರ ಸ್ಥಳೀಯ ಸಂಸ್ಥೆಗಳಾದ ಮಹಾನಗರ ಪಾಲಿಕೆ, ನಗರ ಸಭೆ, ಪುರಸಭೆ, ಪಟ್ಟಣ ಪಂಚಾಯಿತಿ ಹಾಗೂ ಮತ್ತು ಗ್ರಾಮೀಣ ಪ್ರದೇಶದ ಎಲ್ಲಾ ಗ್ರಾಮ ಪಂಚಾಯಿತಿಗಳಲ್ಲಿ ನವೆಂಬರ್ 27ರಿಂದ ಮ್ಯಾನ್ಯುಯಲ್ ಸ್ಕ್ಯಾವೆಂಜರ್ ಹಾಗೂ ಅನೈರ್ಮಲ್ಯ ಶೌಚಾಲಯಗಳ ಸಮೀಕ್ಷೆಯನ್ನು ನಡೆಸಲು ಉದ್ದೇಶಿಸಲಾಗಿದೆ ಎಂದು ಜಿಲ್ಲಾಧಿಕಾರಿ ಶುಭ ಕಲ್ಯಾಣ್ ತಿಳಿಸಿದ್ದಾರೆ. ಮ್ಯಾನ್ಯುಯಲ್ ಸ್ಕ್ಯಾವೆಂಜರ್ ಹಾಗೂ ಅನೈರ್ಮಲ್ಯ ಶೌಚಾಲಯಗಳ ಸಮೀಕ್ಷೆ ಕುರಿತು ಅಕ್ಟೋಬರ್ 28 ರಿಂದ ನಗರ/ಗ್ರಾಮೀಣ ಭಾಗದ ಸ್ಥಳೀಯ ಸಂಸ್ಥೆಗಳ ಸೂಚನಾ ಫಲಕಗಳಲ್ಲಿ ಸುತ್ತೋಲೆಯನ್ನು ಪ್ರಕಟಿಸಿ ಸಮೀಕ್ಷೆ ಕುರಿತು ವ್ಯಾಪಕ ಪ್ರಚಾರ ಕೈಗೊಳ್ಳಬೇಕೆಂದು ಅಧಿಕಾರಿಗಳಿಗೆ ಅವರು ಸೂಚನೆ ನೀಡಿದ್ದಾರೆ. ಸಮೀಕ್ಷೆಯಲ್ಲಿ ಕಂಡು ಬಂದ ಅನೈರ್ಮಲ್ಯ ಶೌಚಾಲಯಗಳ ನಿರ್ಮಾಣ ಮತ್ತು ನಿರ್ವಹಣೆ ಮಾಡುತ್ತಿರುವ ಮಾಲೀಕರಿಗೆ ಅನೈರ್ಮಲ್ಯ ಶೌಚಾಲಯಗಳನ್ನು ನಾಶಪಡಿಸಿ ನೈರ್ಮಲ್ಯ ಶೌಚಾಲಯಗಳನ್ನಾಗಿ ಪರಿವರ್ತಿಸಲು ಡಿಸೆಂಬರ್ 5ರೊಳಗಾಗಿ ನೋಟಿಸ್ ನೀಡಬೇಕು. ಅನೈರ್ಮಲ್ಯ ಶೌಚಾಲಯಗಳು ಕಂಡು ಬಂದ ಪ್ರದೇಶಗಳನ್ನು ಅನೈರ್ಮಲ್ಯ ಶೌಚಾಲಯ ರಹಿತ ಪ್ರದೇಶವೆಂದು ಘೋಷಿಸಲಾಗುವುದು.
ಅನೈರ್ಮಲ್ಯ ಶೌಚಾಲಯಗಳು ಕಂಡು ಬಂದ ಪ್ರದೇಶಗಳಲ್ಲಿ ಮಲಹೊರುವ ಪದ್ಧತಿಯಲ್ಲಿ ತೊಡಗಿರುವವರು ಡಿಸೆಂಬರ್ 20 ರೊಳಗಾಗಿ ಸಂಬಂಧಿಸಿದ ಸ್ಥಳೀಯ ಸಂಸ್ಥೆಗಳಿಗೆ ಮಾಹಿತಿ ನೀಡಿ ತಮ್ಮ ಹೆಸರನ್ನು ಸ್ವಯಂಪ್ರೇರಿತವಾಗಿ ನೋಂದಾಯಿಸಿಕೊಳ್ಳಲು ಅವಕಾಶ ಕಲ್ಪಿಸಲಾಗಿದೆ. ಅರ್ಜಿದಾರರು ಸಲ್ಲಿಸಿರುವ ಅರ್ಜಿಗಳನ್ನು ಸಮೀಕ್ಷಾ ಸಮಿತಿಯ ಅಧಿಕಾರಿಗಳು 2025ರ ಜನವರಿ 25ರೊಳಗೆ ಸ್ಥಳಕ್ಕೆ ಭೇಟಿ ನೀಡಿ ಪರಿಶೀಲನೆ ಮಾಡಬೇಕು. ಅರ್ಜಿಗಳ ಪರಿಶೀಲನೆ ನಂತರ ಸಂಬಂಧಪಟ್ಟ ಸ್ಥಳೀಯ ಸಂಸ್ಥೆ (ನಗರಸಭೆ/ಪುರಸಭೆ/ಪಟ್ಟಣ ಪಂಚಾಯಿತಿ, ಮಹಾನಗರ ಪಾಲಿಕೆ ಒಳಗೊಂಡಂತೆ ತಾಲ್ಲೂಕು ಪಂಚಾಯಿತಿ/ಗ್ರಾಮ ಪಂಚಾಯಿತಿ) ಅಧಿಕಾರಿಗಳು 2025ರ ಫೆಬ್ರವರಿ 10ರಂದು ತಾತ್ಕಾಲಿಕ ಪಟ್ಟಿಯನ್ನು ಪ್ರಕಟಿಸಿ ಆಕ್ಷೇಪಣೆಗಳನ್ನು ಆಹ್ವಾನಿಸಬೇಕು. ಪಟ್ಟಿ ಪ್ರಕಟಿಸಿದ ನಂತರ ಯಾವುದೇ ಆಕ್ಷೇಪಣೆಗಳು ಬಾರದೆ ಇದ್ದಲ್ಲಿ 2025ರ ಫೆಬ್ರವರಿ 17ರೊಳಗಾಗಿ ಅಂತಿಮ ಪಟ್ಟಿ ಪ್ರಕಟಿಸಿ, ಜಿಲ್ಲಾ ಮಟ್ಟದ ಸಮೀಕ್ಷಾ ಸಮಿತಿಯ ಮುಂದೆ ದೃಢೀಕರಿಸಿ, ಮಾರ್ಚ್ 10ರೊಳಗಾಗಿ ಸರ್ಕಾರಕ್ಕೆ ಸಲ್ಲಿಸಲು ಸೂಚಿಸಿದ್ದಾರೆ.
